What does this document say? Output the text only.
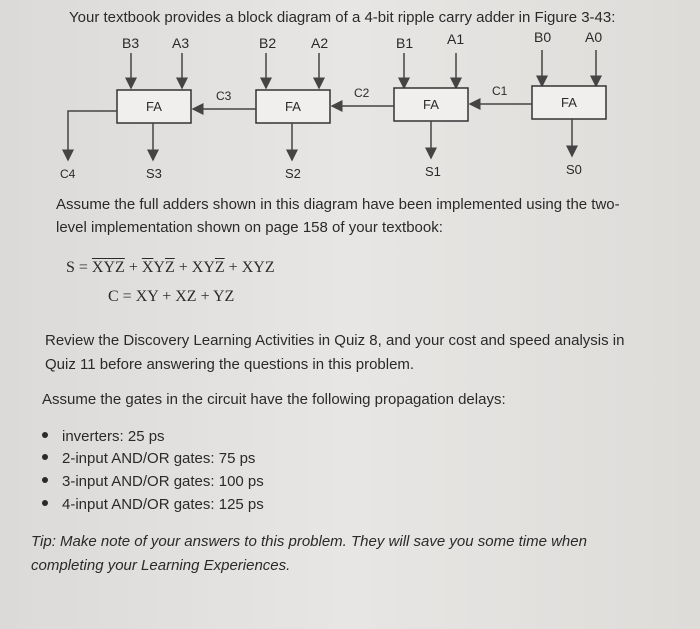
Your textbook provides a block diagram of a 4-bit ripple carry adder in Figure 3-43:
B3 A3
FA
S3
C4
B2 A2
FA
S2
C3
B1 A1
FA
S1
C2
B0 A0
FA
S0
C1
Assume the full adders shown in this diagram have been implemented using the two-
level implementation shown on page 158 of your textbook:
$S = \overline{X}\overline{YZ} + \overline{X}Y\overline{Z} + XY\overline{Z}$ + XYZ
C = XY + XZ + YZ
Review the Discovery Learning Activities in Quiz 8, and your cost and speed analysis in
Quiz 11 before answering the questions in this problem.
Assume the gates in the circuit have the following propagation delays:
inverters: 25 ps
2-input AND/OR gates: 75 ps
3-input AND/OR gates: 100 ps
4-input AND/OR gates: 125 ps
Tip: Make note of your answers to this problem. They will save you some time when
completing your Learning Experiences.
